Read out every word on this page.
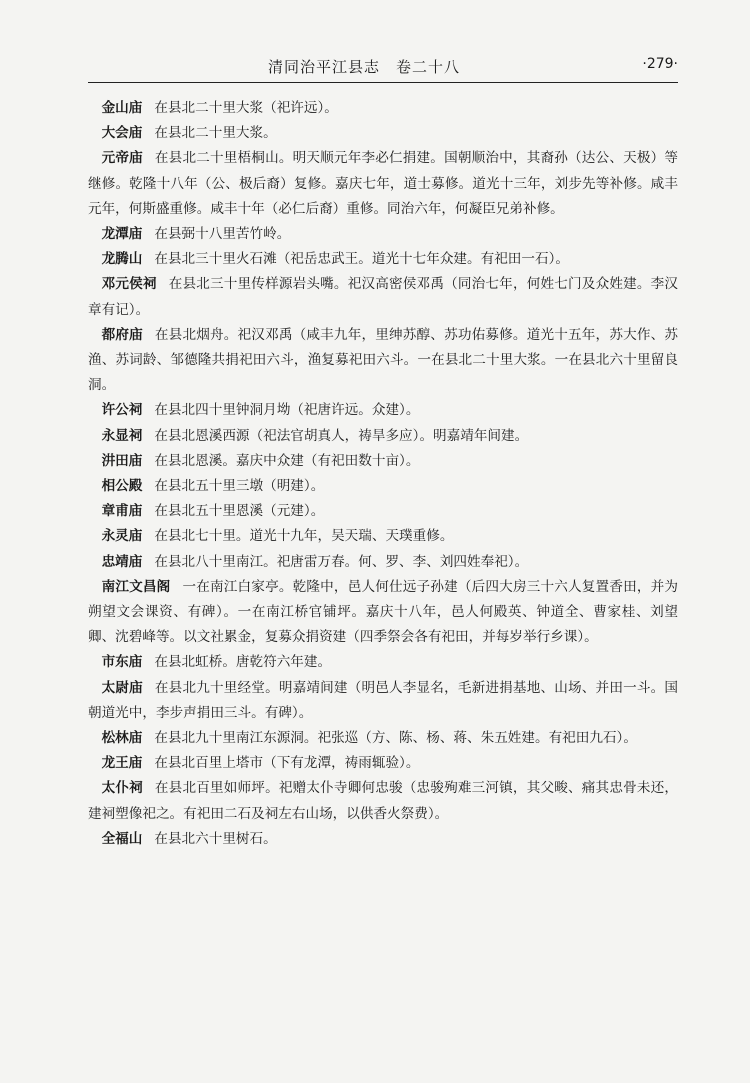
清同治平江县志　卷二十八	·279·

金山庙 在县北二十里大浆（祀许远）。

大会庙 在县北二十里大浆。

元帝庙 在县北二十里梧桐山。明天顺元年李必仁捐建。国朝顺治中，其裔孙（达公、天极）等继修。乾隆十八年（公、极后裔）复修。嘉庆七年，道士募修。道光十三年，刘步先等补修。咸丰元年，何斯盛重修。咸丰十年（必仁后裔）重修。同治六年，何凝臣兄弟补修。

龙潭庙 在县弼十八里苦竹岭。

龙腾山 在县北三十里火石滩（祀岳忠武王。道光十七年众建。有祀田一石）。

邓元侯祠 在县北三十里传样源岩头嘴。祀汉高密侯邓禹（同治七年，何姓七门及众姓建。李汉章有记）。

都府庙 在县北烟舟。祀汉邓禹（咸丰九年，里绅苏醇、苏功佑募修。道光十五年，苏大作、苏渔、苏词龄、邹德隆共捐祀田六斗，渔复募祀田六斗。一在县北二十里大浆。一在县北六十里留良洞。

许公祠 在县北四十里钟洞月坳（祀唐许远。众建）。

永显祠 在县北恩溪西源（祀法官胡真人，祷旱多应）。明嘉靖年间建。

汫田庙 在县北恩溪。嘉庆中众建（有祀田数十亩）。

相公殿 在县北五十里三墩（明建）。

章甫庙 在县北五十里恩溪（元建）。

永灵庙 在县北七十里。道光十九年，吴天瑞、天璞重修。

忠靖庙 在县北八十里南江。祀唐雷万春。何、罗、李、刘四姓奉祀）。

南江文昌阁 一在南江白家亭。乾隆中，邑人何仕远子孙建（后四大房三十六人复置香田，并为朔望文会课资、有碑）。一在南江桥官铺坪。嘉庆十八年，邑人何殿英、钟道全、曹家桂、刘望卿、沈碧峰等。以文社累金，复募众捐资建（四季祭会各有祀田，并每岁举行乡课）。

市东庙 在县北虹桥。唐乾符六年建。

太尉庙 在县北九十里经堂。明嘉靖间建（明邑人李显名，毛新进捐基地、山场、并田一斗。国朝道光中，李步声捐田三斗。有碑）。

松林庙 在县北九十里南江东源洞。祀张巡（方、陈、杨、蒋、朱五姓建。有祀田九石）。

龙王庙 在县北百里上塔市（下有龙潭，祷雨辄验）。

太仆祠 在县北百里如师坪。祀赠太仆寺卿何忠骏（忠骏殉难三河镇，其父畯、痛其忠骨未还，建祠塑像祀之。有祀田二石及祠左右山场，以供香火祭费）。

全福山 在县北六十里树石。
